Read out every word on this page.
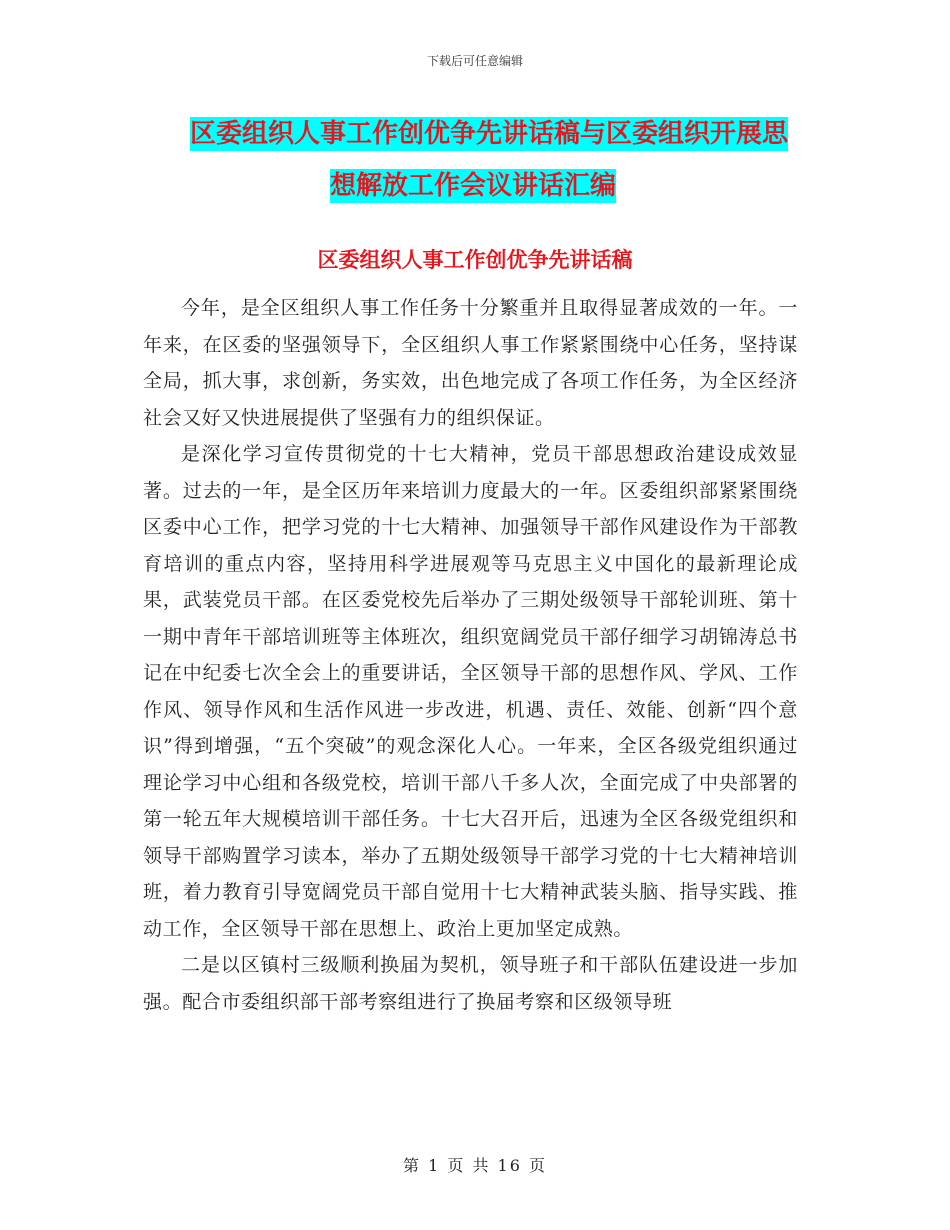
下载后可任意编辑
区委组织人事工作创优争先讲话稿与区委组织开展思
想解放工作会议讲话汇编
区委组织人事工作创优争先讲话稿

今年，是全区组织人事工作任务十分繁重并且取得显著成效的一年。一年来，在区委的坚强领导下，全区组织人事工作紧紧围绕中心任务，坚持谋全局，抓大事，求创新，务实效，出色地完成了各项工作任务，为全区经济社会又好又快进展提供了坚强有力的组织保证。

是深化学习宣传贯彻党的十七大精神，党员干部思想政治建设成效显著。过去的一年，是全区历年来培训力度最大的一年。区委组织部紧紧围绕区委中心工作，把学习党的十七大精神、加强领导干部作风建设作为干部教育培训的重点内容，坚持用科学进展观等马克思主义中国化的最新理论成果，武装党员干部。在区委党校先后举办了三期处级领导干部轮训班、第十一期中青年干部培训班等主体班次，组织宽阔党员干部仔细学习胡锦涛总书记在中纪委七次全会上的重要讲话，全区领导干部的思想作风、学风、工作作风、领导作风和生活作风进一步改进，机遇、责任、效能、创新“四个意识”得到增强，“五个突破”的观念深化人心。一年来，全区各级党组织通过理论学习中心组和各级党校，培训干部八千多人次，全面完成了中央部署的第一轮五年大规模培训干部任务。十七大召开后，迅速为全区各级党组织和领导干部购置学习读本，举办了五期处级领导干部学习党的十七大精神培训班，着力教育引导宽阔党员干部自觉用十七大精神武装头脑、指导实践、推动工作，全区领导干部在思想上、政治上更加坚定成熟。

二是以区镇村三级顺利换届为契机，领导班子和干部队伍建设进一步加强。配合市委组织部干部考察组进行了换届考察和区级领导班

第 1 页 共 16 页
